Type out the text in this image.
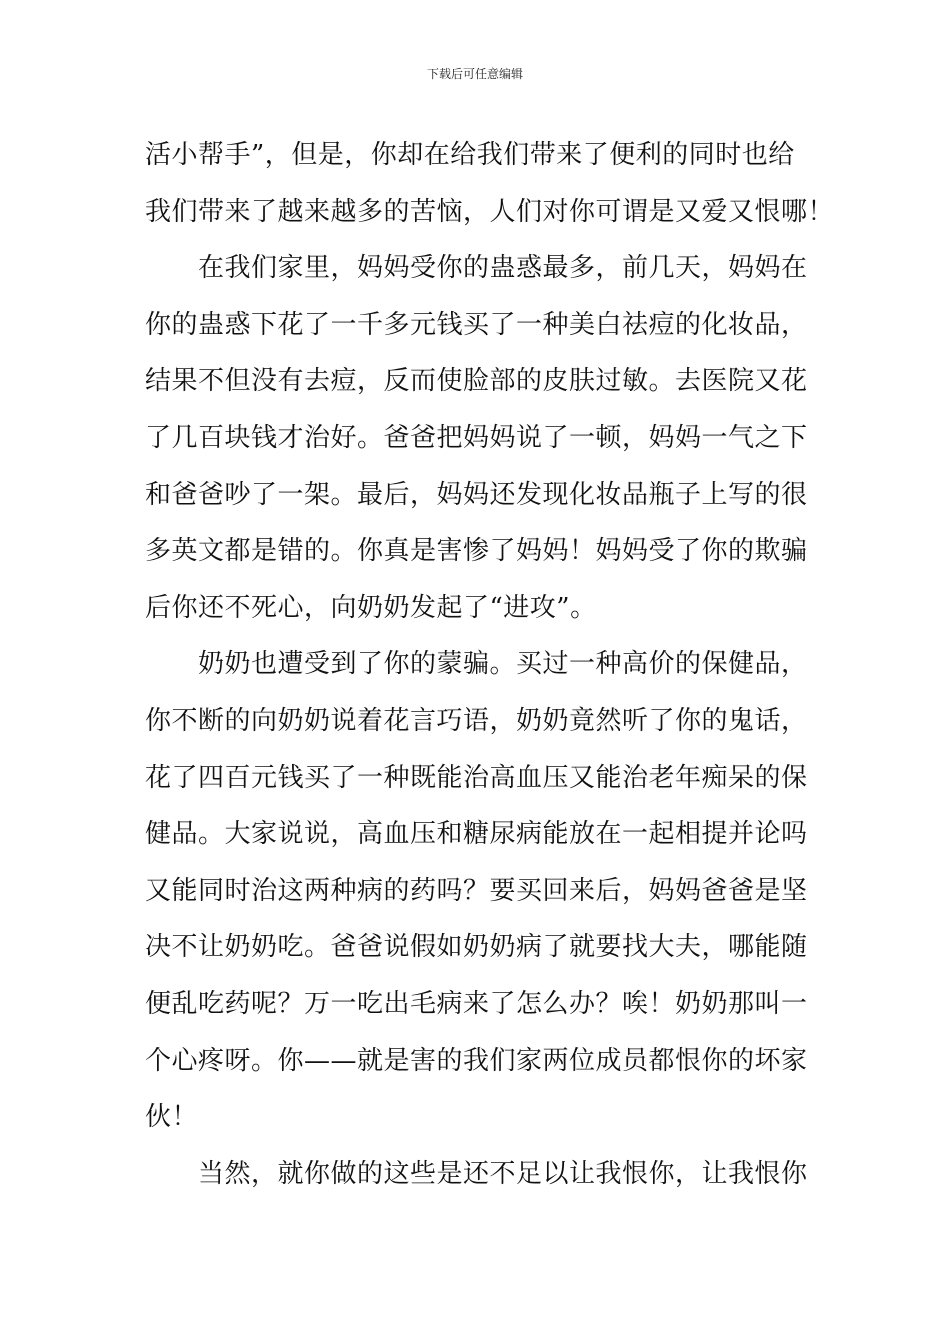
下载后可任意编辑
活小帮手”，但是，你却在给我们带来了便利的同时也给
我们带来了越来越多的苦恼，人们对你可谓是又爱又恨哪！
在我们家里，妈妈受你的蛊惑最多，前几天，妈妈在
你的蛊惑下花了一千多元钱买了一种美白祛痘的化妆品，
结果不但没有去痘，反而使脸部的皮肤过敏。去医院又花
了几百块钱才治好。爸爸把妈妈说了一顿，妈妈一气之下
和爸爸吵了一架。最后，妈妈还发现化妆品瓶子上写的很
多英文都是错的。你真是害惨了妈妈！妈妈受了你的欺骗
后你还不死心，向奶奶发起了“进攻”。
奶奶也遭受到了你的蒙骗。买过一种高价的保健品，
你不断的向奶奶说着花言巧语，奶奶竟然听了你的鬼话，
花了四百元钱买了一种既能治高血压又能治老年痴呆的保
健品。大家说说，高血压和糖尿病能放在一起相提并论吗
又能同时治这两种病的药吗？要买回来后，妈妈爸爸是坚
决不让奶奶吃。爸爸说假如奶奶病了就要找大夫，哪能随
便乱吃药呢？万一吃出毛病来了怎么办？唉！奶奶那叫一
个心疼呀。你——就是害的我们家两位成员都恨你的坏家
伙！
当然，就你做的这些是还不足以让我恨你，让我恨你
